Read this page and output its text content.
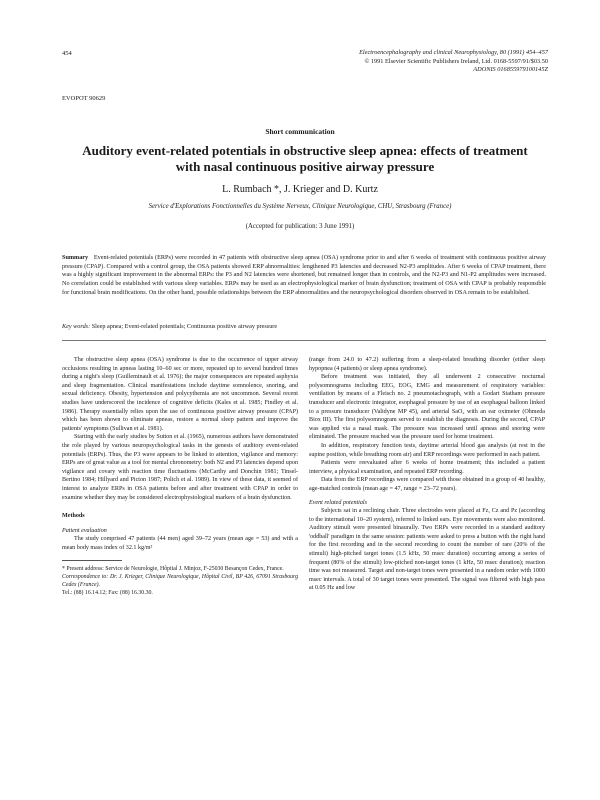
454	Electroencephalography and clinical Neurophysiology, 80 (1991) 454–457
© 1991 Elsevier Scientific Publishers Ireland, Ltd. 0168-5597/91/$03.50
ADONIS 016855979100145Z
EVOPOT 90629
Short communication
Auditory event-related potentials in obstructive sleep apnea: effects of treatment with nasal continuous positive airway pressure
L. Rumbach *, J. Krieger and D. Kurtz
Service d'Explorations Fonctionnelles du Système Nerveux, Clinique Neurologique, CHU, Strasbourg (France)
(Accepted for publication: 3 June 1991)
Summary Event-related potentials (ERPs) were recorded in 47 patients with obstructive sleep apnea (OSA) syndrome prior to and after 6 weeks of treatment with continuous positive airway pressure (CPAP). Compared with a control group, the OSA patients showed ERP abnormalities: lengthened P3 latencies and decreased N2-P3 amplitudes. After 6 weeks of CPAP treatment, there was a highly significant improvement in the abnormal ERPs: the P3 and N2 latencies were shortened, but remained longer than in controls, and the N2-P3 and N1-P2 amplitudes were increased. No correlation could be established with various sleep variables. ERPs may be used as an electrophysiological marker of brain dysfunction; treatment of OSA with CPAP is probably responsible for functional brain modifications. On the other hand, possible relationships between the ERP abnormalities and the neuropsychological disorders observed in OSA remain to be established.
Key words: Sleep apnea; Event-related potentials; Continuous positive airway pressure

The obstructive sleep apnea (OSA) syndrome is due to the occurrence of upper airway occlusions resulting in apneas lasting 10–60 sec or more, repeated up to several hundred times during a night's sleep (Guilleminault et al. 1976); the major consequences are repeated asphyxia and sleep fragmentation. Clinical manifestations include daytime somnolence, snoring, and sexual deficiency. Obesity, hypertension and polycythemia are not uncommon. Several recent studies have underscored the incidence of cognitive deficits (Kales et al. 1985; Findley et al. 1986). Therapy essentially relies upon the use of continuous positive airway pressure (CPAP) which has been shown to eliminate apneas, restore a normal sleep pattern and improve the patients' symptoms (Sullivan et al. 1981).

Starting with the early studies by Sutton et al. (1965), numerous authors have demonstrated the role played by various neuropsychological tasks in the genesis of auditory event-related potentials (ERPs). Thus, the P3 wave appears to be linked to attention, vigilance and memory: ERPs are of great value as a tool for mental chronometry: both N2 and P3 latencies depend upon vigilance and covary with reaction time fluctuations (McCarthy and Donchin 1981; Tinsel-Bertino 1984; Hillyard and Picton 1987; Polich et al. 1989). In view of these data, it seemed of interest to analyze ERPs in OSA patients before and after treatment with CPAP in order to examine whether they may be considered electrophysiological markers of a brain dysfunction.

Methods

Patient evaluation

The study comprised 47 patients (44 men) aged 39–72 years (mean age = 53) and with a mean body mass index of 32.1 kg/m²

* Present address: Service de Neurologie, Hôpital J. Minjoz, F-25030 Besançon Cedex, France.

Correspondence to: Dr. J. Krieger, Clinique Neurologique, Hôpital Civil, BP 426, 67091 Strasbourg Cedex (France).

Tel.: (88) 16.14.12; Fax: (88) 16.30.30.

(range from 24.0 to 47.2) suffering from a sleep-related breathing disorder (either sleep hypopnea (4 patients) or sleep apnea syndrome).

Before treatment was initiated, they all underwent 2 consecutive nocturnal polysomnograms including EEG, EOG, EMG and measurement of respiratory variables: ventilation by means of a Fleisch no. 2 pneumotachograph, with a Godart Statham pressure transducer and electronic integrator, esophageal pressure by use of an esophageal balloon linked to a pressure transducer (Validyne MP 45), and arterial SaO₂ with an ear oximeter (Ohmeda Biox III). The first polysomnogram served to establish the diagnosis. During the second, CPAP was applied via a nasal mask. The pressure was increased until apneas and snoring were eliminated. The pressure reached was the pressure used for home treatment.

In addition, respiratory function tests, daytime arterial blood gas analysis (at rest in the supine position, while breathing room air) and ERP recordings were performed in each patient.

Patients were reevaluated after 6 weeks of home treatment; this included a patient interview, a physical examination, and repeated ERP recording.

Data from the ERP recordings were compared with those obtained in a group of 40 healthy, age-matched controls (mean age = 47, range = 23–72 years).

Event related potentials

Subjects sat in a reclining chair. Three electrodes were placed at Fz, Cz and Pz (according to the international 10–20 system), referred to linked ears. Eye movements were also monitored. Auditory stimuli were presented binaurally. Two ERPs were recorded in a standard auditory 'oddball' paradigm in the same session: patients were asked to press a button with the right hand for the first recording and in the second recording to count the number of rare (20% of the stimuli) high-pitched target tones (1.5 kHz, 50 msec duration) occurring among a series of frequent (80% of the stimuli) low-pitched non-target tones (1 kHz, 50 msec duration); reaction time was not measured. Target and non-target tones were presented in a random order with 1000 msec intervals. A total of 30 target tones were presented. The signal was filtered with high pass at 0.05 Hz and low
